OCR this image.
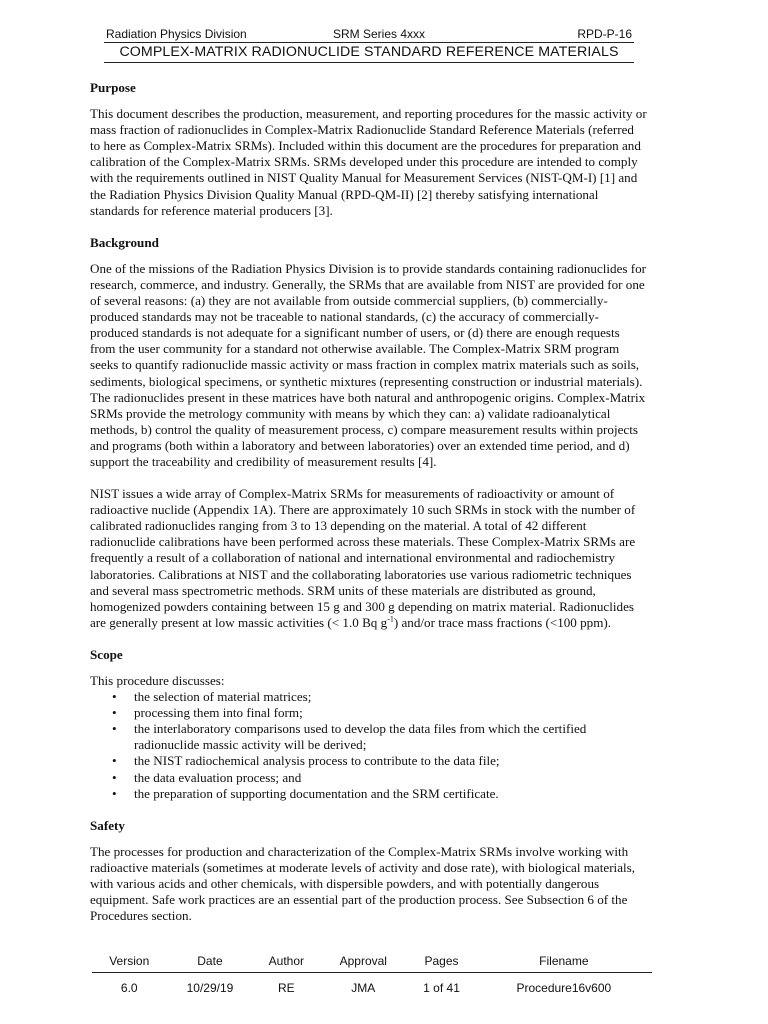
Radiation Physics Division	SRM Series 4xxx	RPD-P-16
COMPLEX-MATRIX RADIONUCLIDE STANDARD REFERENCE MATERIALS
Purpose

This document describes the production, measurement, and reporting procedures for the massic activity or
mass fraction of radionuclides in Complex-Matrix Radionuclide Standard Reference Materials (referred
to here as Complex-Matrix SRMs). Included within this document are the procedures for preparation and
calibration of the Complex-Matrix SRMs. SRMs developed under this procedure are intended to comply
with the requirements outlined in NIST Quality Manual for Measurement Services (NIST-QM-I) [1] and
the Radiation Physics Division Quality Manual (RPD-QM-II) [2] thereby satisfying international
standards for reference material producers [3].

Background

One of the missions of the Radiation Physics Division is to provide standards containing radionuclides for
research, commerce, and industry. Generally, the SRMs that are available from NIST are provided for one
of several reasons: (a) they are not available from outside commercial suppliers, (b) commercially-
produced standards may not be traceable to national standards, (c) the accuracy of commercially-
produced standards is not adequate for a significant number of users, or (d) there are enough requests
from the user community for a standard not otherwise available. The Complex-Matrix SRM program
seeks to quantify radionuclide massic activity or mass fraction in complex matrix materials such as soils,
sediments, biological specimens, or synthetic mixtures (representing construction or industrial materials).
The radionuclides present in these matrices have both natural and anthropogenic origins. Complex-Matrix
SRMs provide the metrology community with means by which they can: a) validate radioanalytical
methods, b) control the quality of measurement process, c) compare measurement results within projects
and programs (both within a laboratory and between laboratories) over an extended time period, and d)
support the traceability and credibility of measurement results [4].

NIST issues a wide array of Complex-Matrix SRMs for measurements of radioactivity or amount of
radioactive nuclide (Appendix 1A). There are approximately 10 such SRMs in stock with the number of
calibrated radionuclides ranging from 3 to 13 depending on the material. A total of 42 different
radionuclide calibrations have been performed across these materials. These Complex-Matrix SRMs are
frequently a result of a collaboration of national and international environmental and radiochemistry
laboratories. Calibrations at NIST and the collaborating laboratories use various radiometric techniques
and several mass spectrometric methods. SRM units of these materials are distributed as ground,
homogenized powders containing between 15 g and 300 g depending on matrix material. Radionuclides
are generally present at low massic activities (< 1.0 Bq $g^{-1}$) and/or trace mass fractions (<100 ppm).

Scope

This procedure discusses:

• the selection of material matrices;
• processing them into final form;
• the interlaboratory comparisons used to develop the data files from which the certified
radionuclide massic activity will be derived;
• the NIST radiochemical analysis process to contribute to the data file;
• the data evaluation process; and
• the preparation of supporting documentation and the SRM certificate.
Safety

The processes for production and characterization of the Complex-Matrix SRMs involve working with
radioactive materials (sometimes at moderate levels of activity and dose rate), with biological materials,
with various acids and other chemicals, with dispersible powders, and with potentially dangerous
equipment. Safe work practices are an essential part of the production process. See Subsection 6 of the
Procedures section.

Version	Date	Author	Approval	Pages	Filename
6.0	10/29/19	RE	JMA	1 of 41	Procedure16v600
